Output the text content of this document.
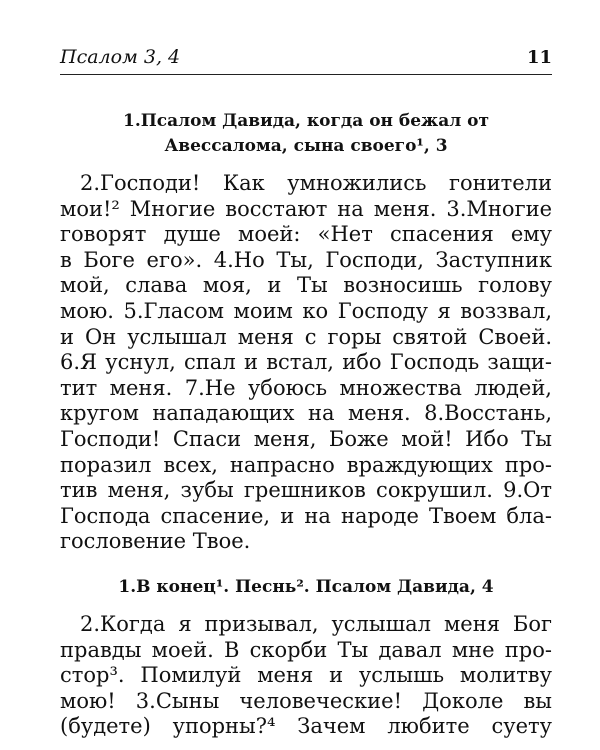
Псалом 3, 4	11
1.Псалом Давида, когда он бежал от
Авессалома, сына своего¹, 3
2.Господи! Как умножились гонители
мои!² Многие восстают на меня. 3.Многие
говорят душе моей: «Нет спасения ему
в Боге его». 4.Но Ты, Господи, Заступник
мой, слава моя, и Ты возносишь голову
мою. 5.Гласом моим ко Господу я воззвал,
и Он услышал меня с горы святой Своей.
6.Я уснул, спал и встал, ибо Господь защи-
тит меня. 7.Не убоюсь множества людей,
кругом нападающих на меня. 8.Восстань,
Господи! Спаси меня, Боже мой! Ибо Ты
поразил всех, напрасно враждующих про-
тив меня, зубы грешников сокрушил. 9.От
Господа спасение, и на народе Твоем бла-
гословение Твое.
1.В конец¹. Песнь². Псалом Давида, 4
2.Когда я призывал, услышал меня Бог
правды моей. В скорби Ты давал мне про-
стор³. Помилуй меня и услышь молитву
мою! 3.Сыны человеческие! Доколе вы
(будете) упорны?⁴ Зачем любите суету
